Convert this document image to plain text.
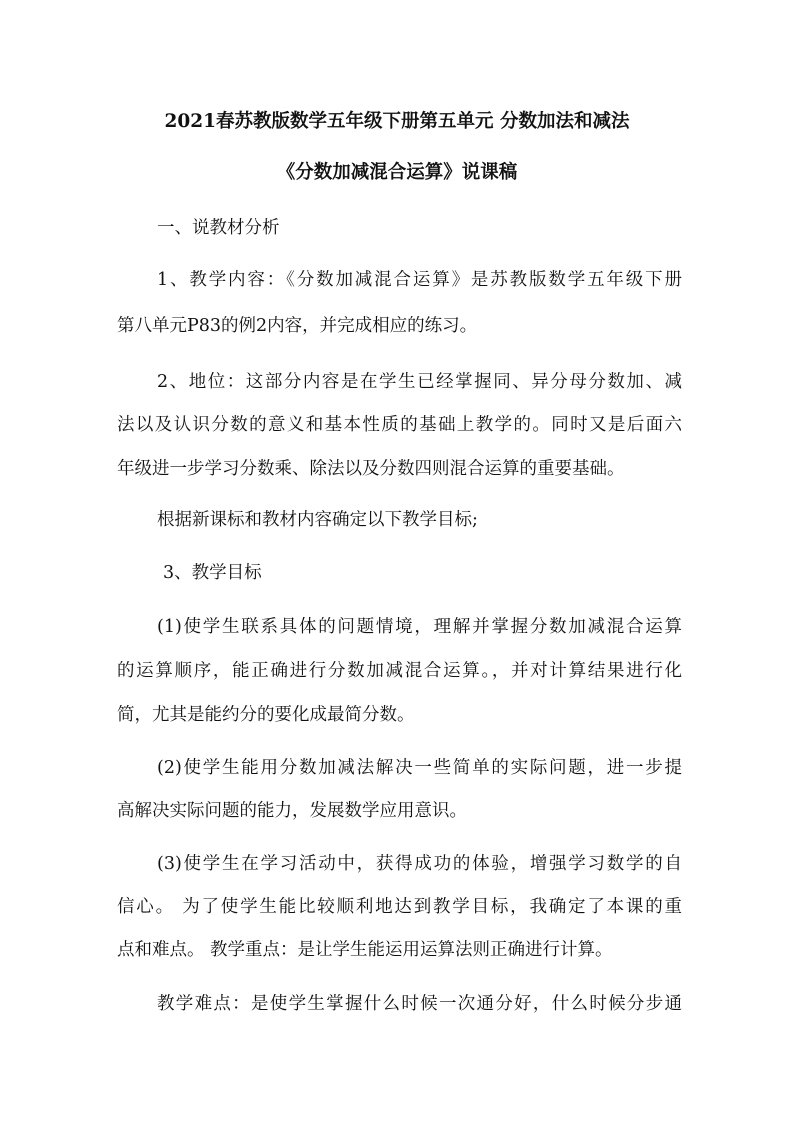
2021春苏教版数学五年级下册第五单元 分数加法和减法
《分数加减混合运算》说课稿
一、说教材分析
1、教学内容：《分数加减混合运算》是苏教版数学五年级下册
第八单元P83的例2内容，并完成相应的练习。
2、地位：这部分内容是在学生已经掌握同、异分母分数加、减
法以及认识分数的意义和基本性质的基础上教学的。同时又是后面六
年级进一步学习分数乘、除法以及分数四则混合运算的重要基础。
根据新课标和教材内容确定以下教学目标;
3、教学目标
(1)使学生联系具体的问题情境，理解并掌握分数加减混合运算
的运算顺序，能正确进行分数加减混合运算。，并对计算结果进行化
简，尤其是能约分的要化成最简分数。
(2)使学生能用分数加减法解决一些简单的实际问题，进一步提
高解决实际问题的能力，发展数学应用意识。
(3)使学生在学习活动中，获得成功的体验，增强学习数学的自
信心。 为了使学生能比较顺利地达到教学目标，我确定了本课的重
点和难点。 教学重点：是让学生能运用运算法则正确进行计算。
教学难点：是使学生掌握什么时候一次通分好，什么时候分步通
